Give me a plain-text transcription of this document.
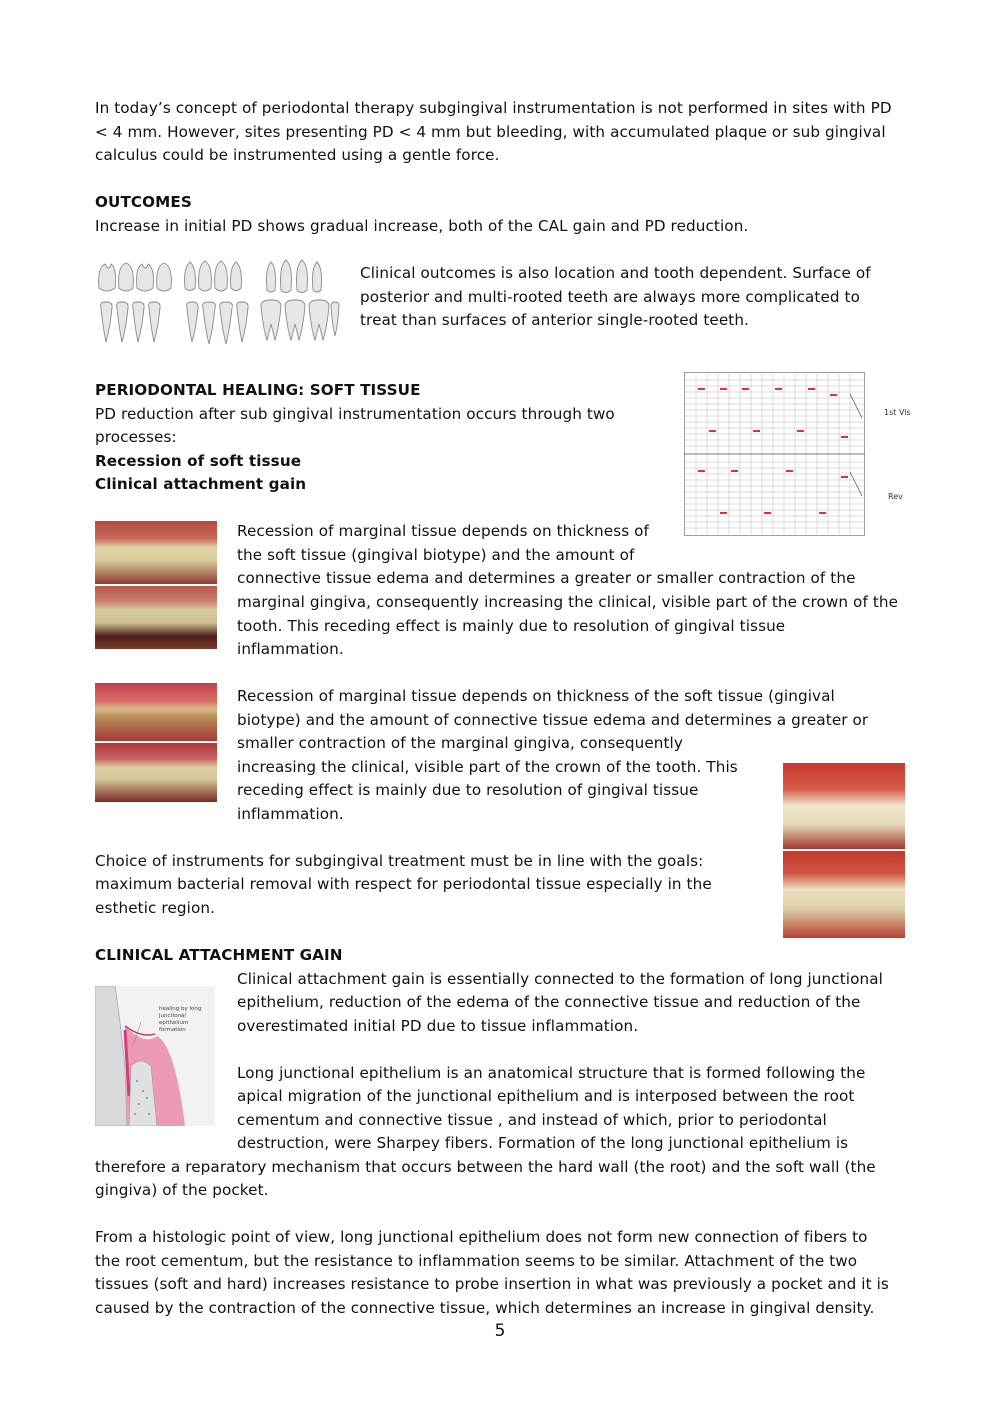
In today’s concept of periodontal therapy subgingival instrumentation is not performed in sites with PD
< 4 mm. However, sites presenting PD < 4 mm but bleeding, with accumulated plaque or sub gingival
calculus could be instrumented using a gentle force.
OUTCOMES
Increase in initial PD shows gradual increase, both of the CAL gain and PD reduction.
Clinical outcomes is also location and tooth dependent. Surface of
posterior and multi-rooted teeth are always more complicated to
treat than surfaces of anterior single-rooted teeth.
PERIODONTAL HEALING: SOFT TISSUE
PD reduction after sub gingival instrumentation occurs through two
processes:
Recession of soft tissue
Clinical attachment gain
1st Vis
Rev
Recession of marginal tissue depends on thickness of
the soft tissue (gingival biotype) and the amount of
connective tissue edema and determines a greater or smaller contraction of the
marginal gingiva, consequently increasing the clinical, visible part of the crown of the
tooth. This receding effect is mainly due to resolution of gingival tissue
inflammation.
Recession of marginal tissue depends on thickness of the soft tissue (gingival
biotype) and the amount of connective tissue edema and determines a greater or
smaller contraction of the marginal gingiva, consequently
increasing the clinical, visible part of the crown of the tooth. This
receding effect is mainly due to resolution of gingival tissue
inflammation.
Choice of instruments for subgingival treatment must be in line with the goals:
maximum bacterial removal with respect for periodontal tissue especially in the
esthetic region.
CLINICAL ATTACHMENT GAIN
healing by long junctional epithelium formation
Clinical attachment gain is essentially connected to the formation of long junctional
epithelium, reduction of the edema of the connective tissue and reduction of the
overestimated initial PD due to tissue inflammation.
Long junctional epithelium is an anatomical structure that is formed following the
apical migration of the junctional epithelium and is interposed between the root
cementum and connective tissue , and instead of which, prior to periodontal
destruction, were Sharpey fibers. Formation of the long junctional epithelium is
therefore a reparatory mechanism that occurs between the hard wall (the root) and the soft wall (the
gingiva) of the pocket.
From a histologic point of view, long junctional epithelium does not form new connection of fibers to
the root cementum, but the resistance to inflammation seems to be similar. Attachment of the two
tissues (soft and hard) increases resistance to probe insertion in what was previously a pocket and it is
caused by the contraction of the connective tissue, which determines an increase in gingival density.
5
